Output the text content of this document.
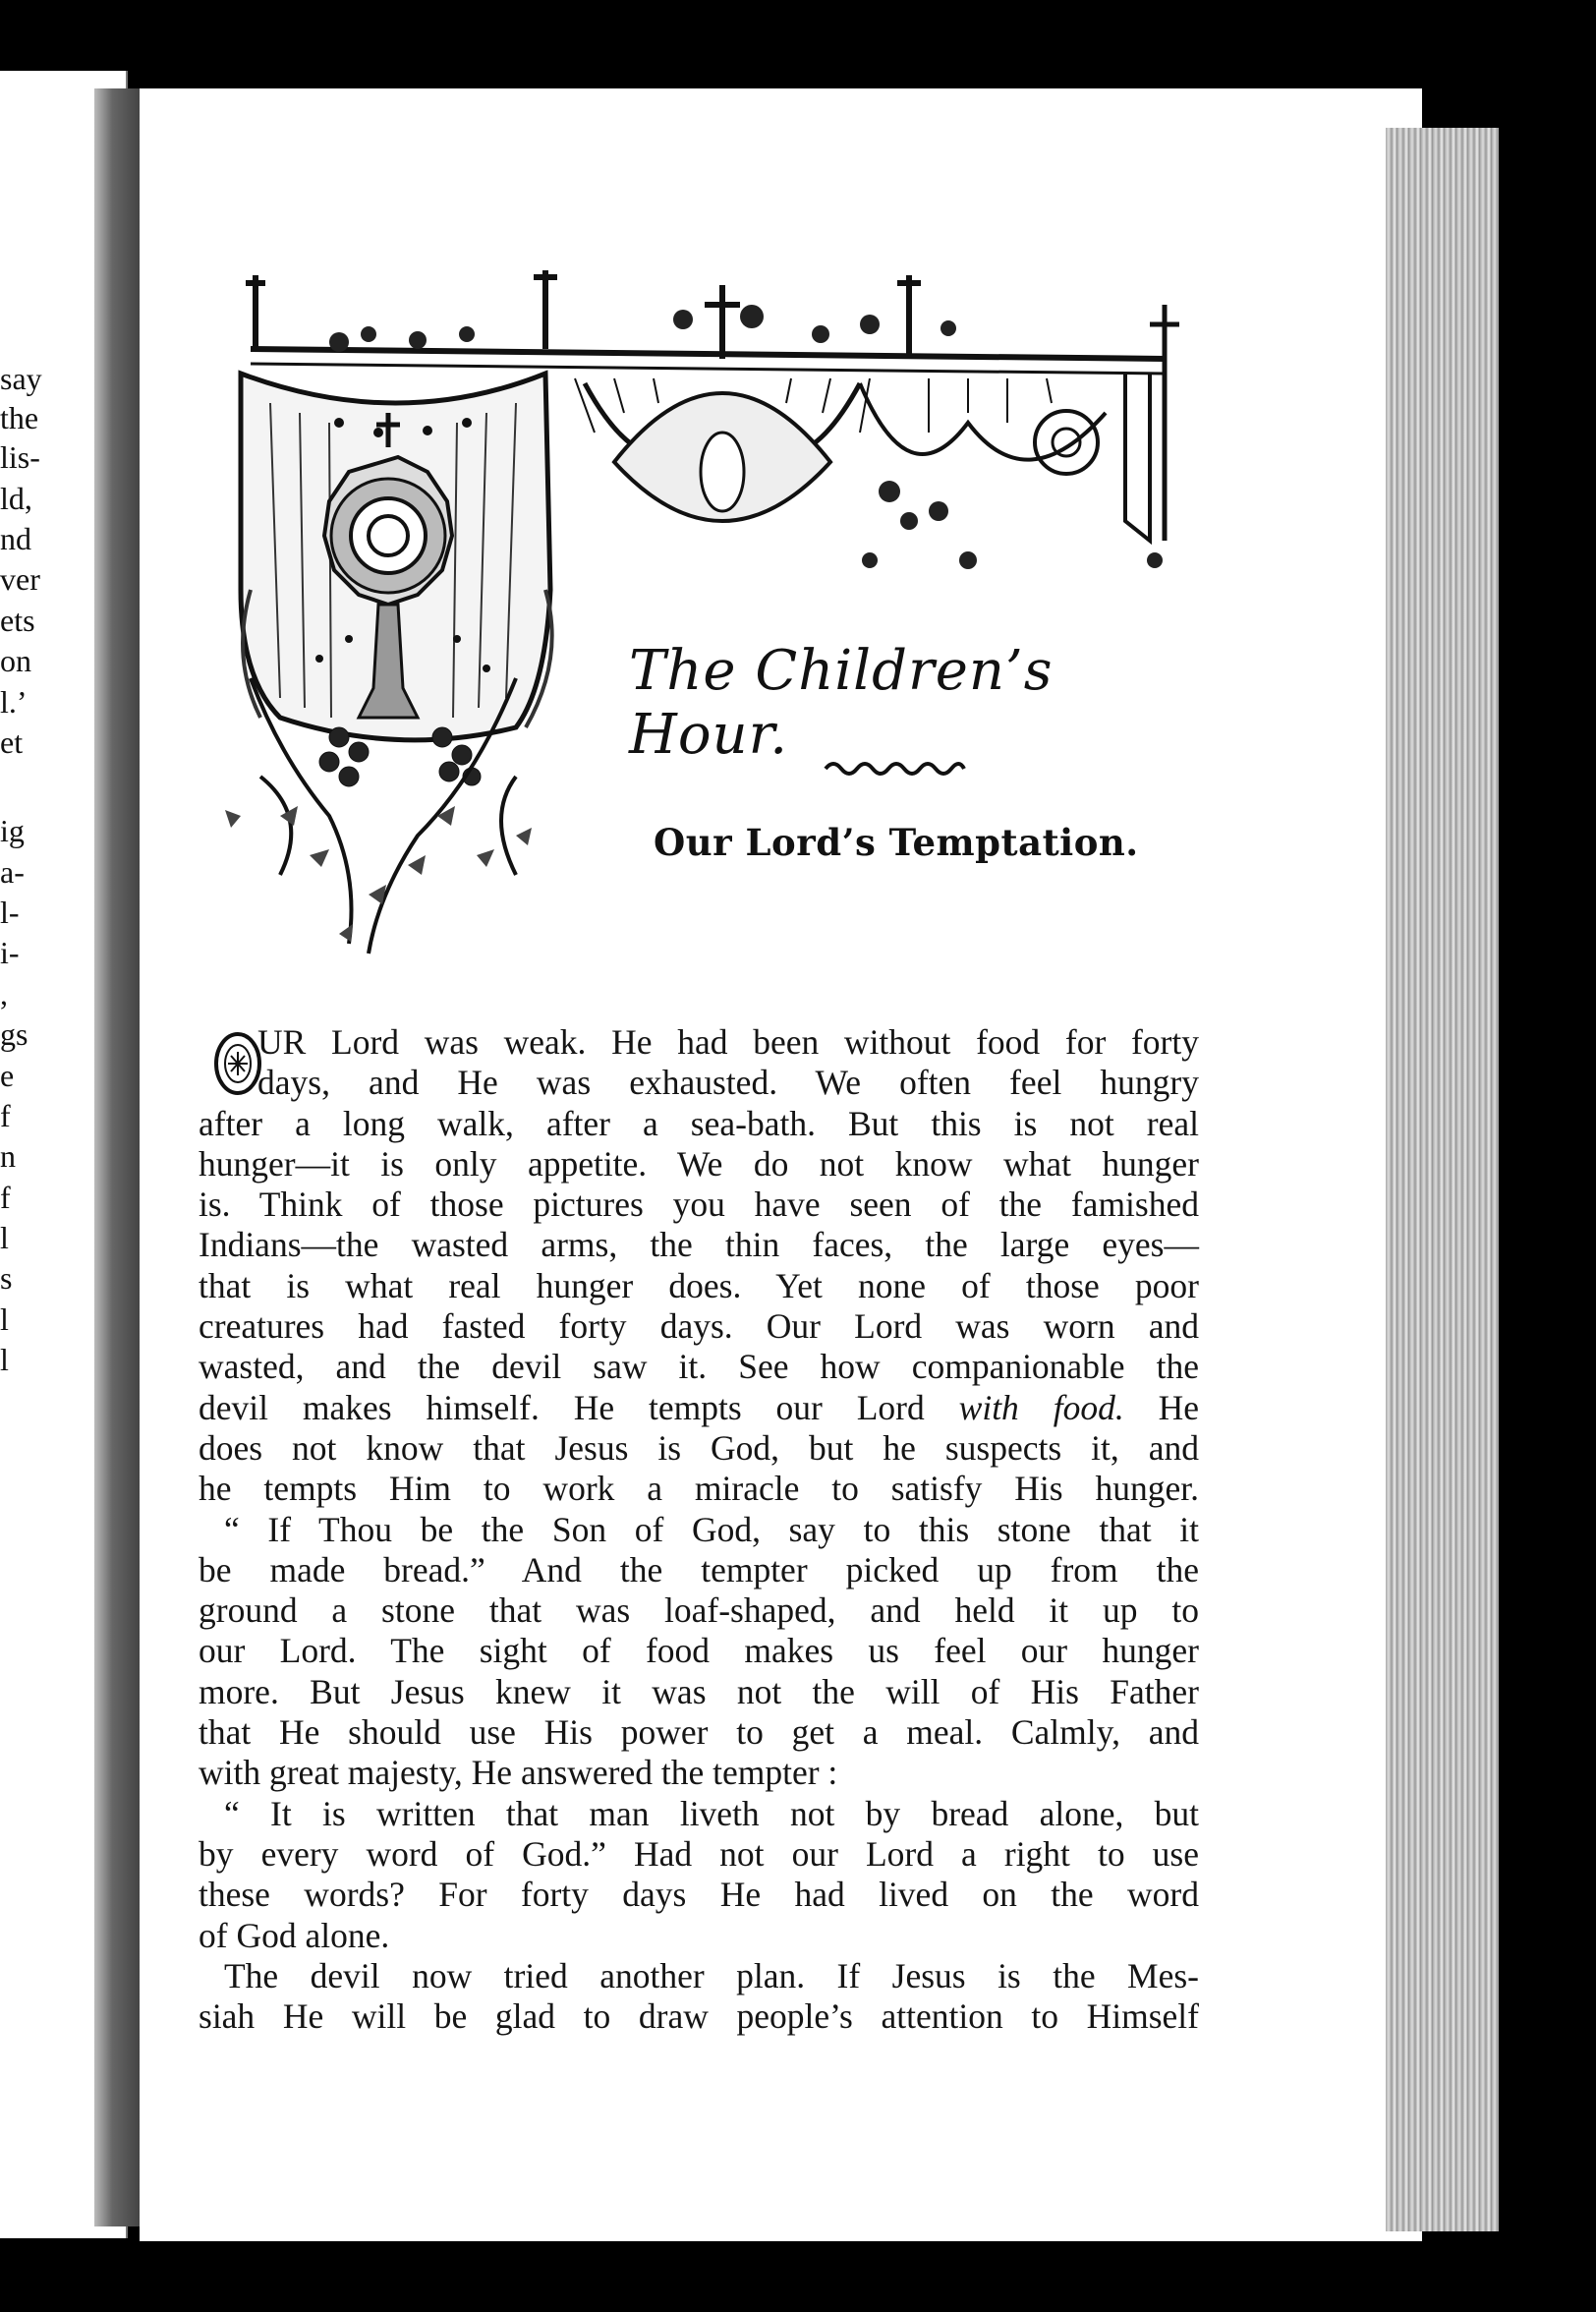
say
the
lis-
ld,
nd
ver
ets
on
l.’
et
ig
a-
l-
i-
,
gs
e
f
n
f
l
s
l
l
The Children’s Hour.
Our Lord’s Temptation.
UR Lord was weak. He had been without food for forty
days, and He was exhausted. We often feel hungry
after a long walk, after a sea-bath. But this is not real
hunger—it is only appetite. We do not know what hunger
is. Think of those pictures you have seen of the famished
Indians—the wasted arms, the thin faces, the large eyes—
that is what real hunger does. Yet none of those poor
creatures had fasted forty days. Our Lord was worn and
wasted, and the devil saw it. See how companionable the
devil makes himself. He tempts our Lord with food. He
does not know that Jesus is God, but he suspects it, and
he tempts Him to work a miracle to satisfy His hunger.
“ If Thou be the Son of God, say to this stone that it
be made bread.” And the tempter picked up from the
ground a stone that was loaf-shaped, and held it up to
our Lord. The sight of food makes us feel our hunger
more. But Jesus knew it was not the will of His Father
that He should use His power to get a meal. Calmly, and
with great majesty, He answered the tempter :
“ It is written that man liveth not by bread alone, but
by every word of God.” Had not our Lord a right to use
these words? For forty days He had lived on the word
of God alone.
The devil now tried another plan. If Jesus is the Mes-
siah He will be glad to draw people’s attention to Himself
